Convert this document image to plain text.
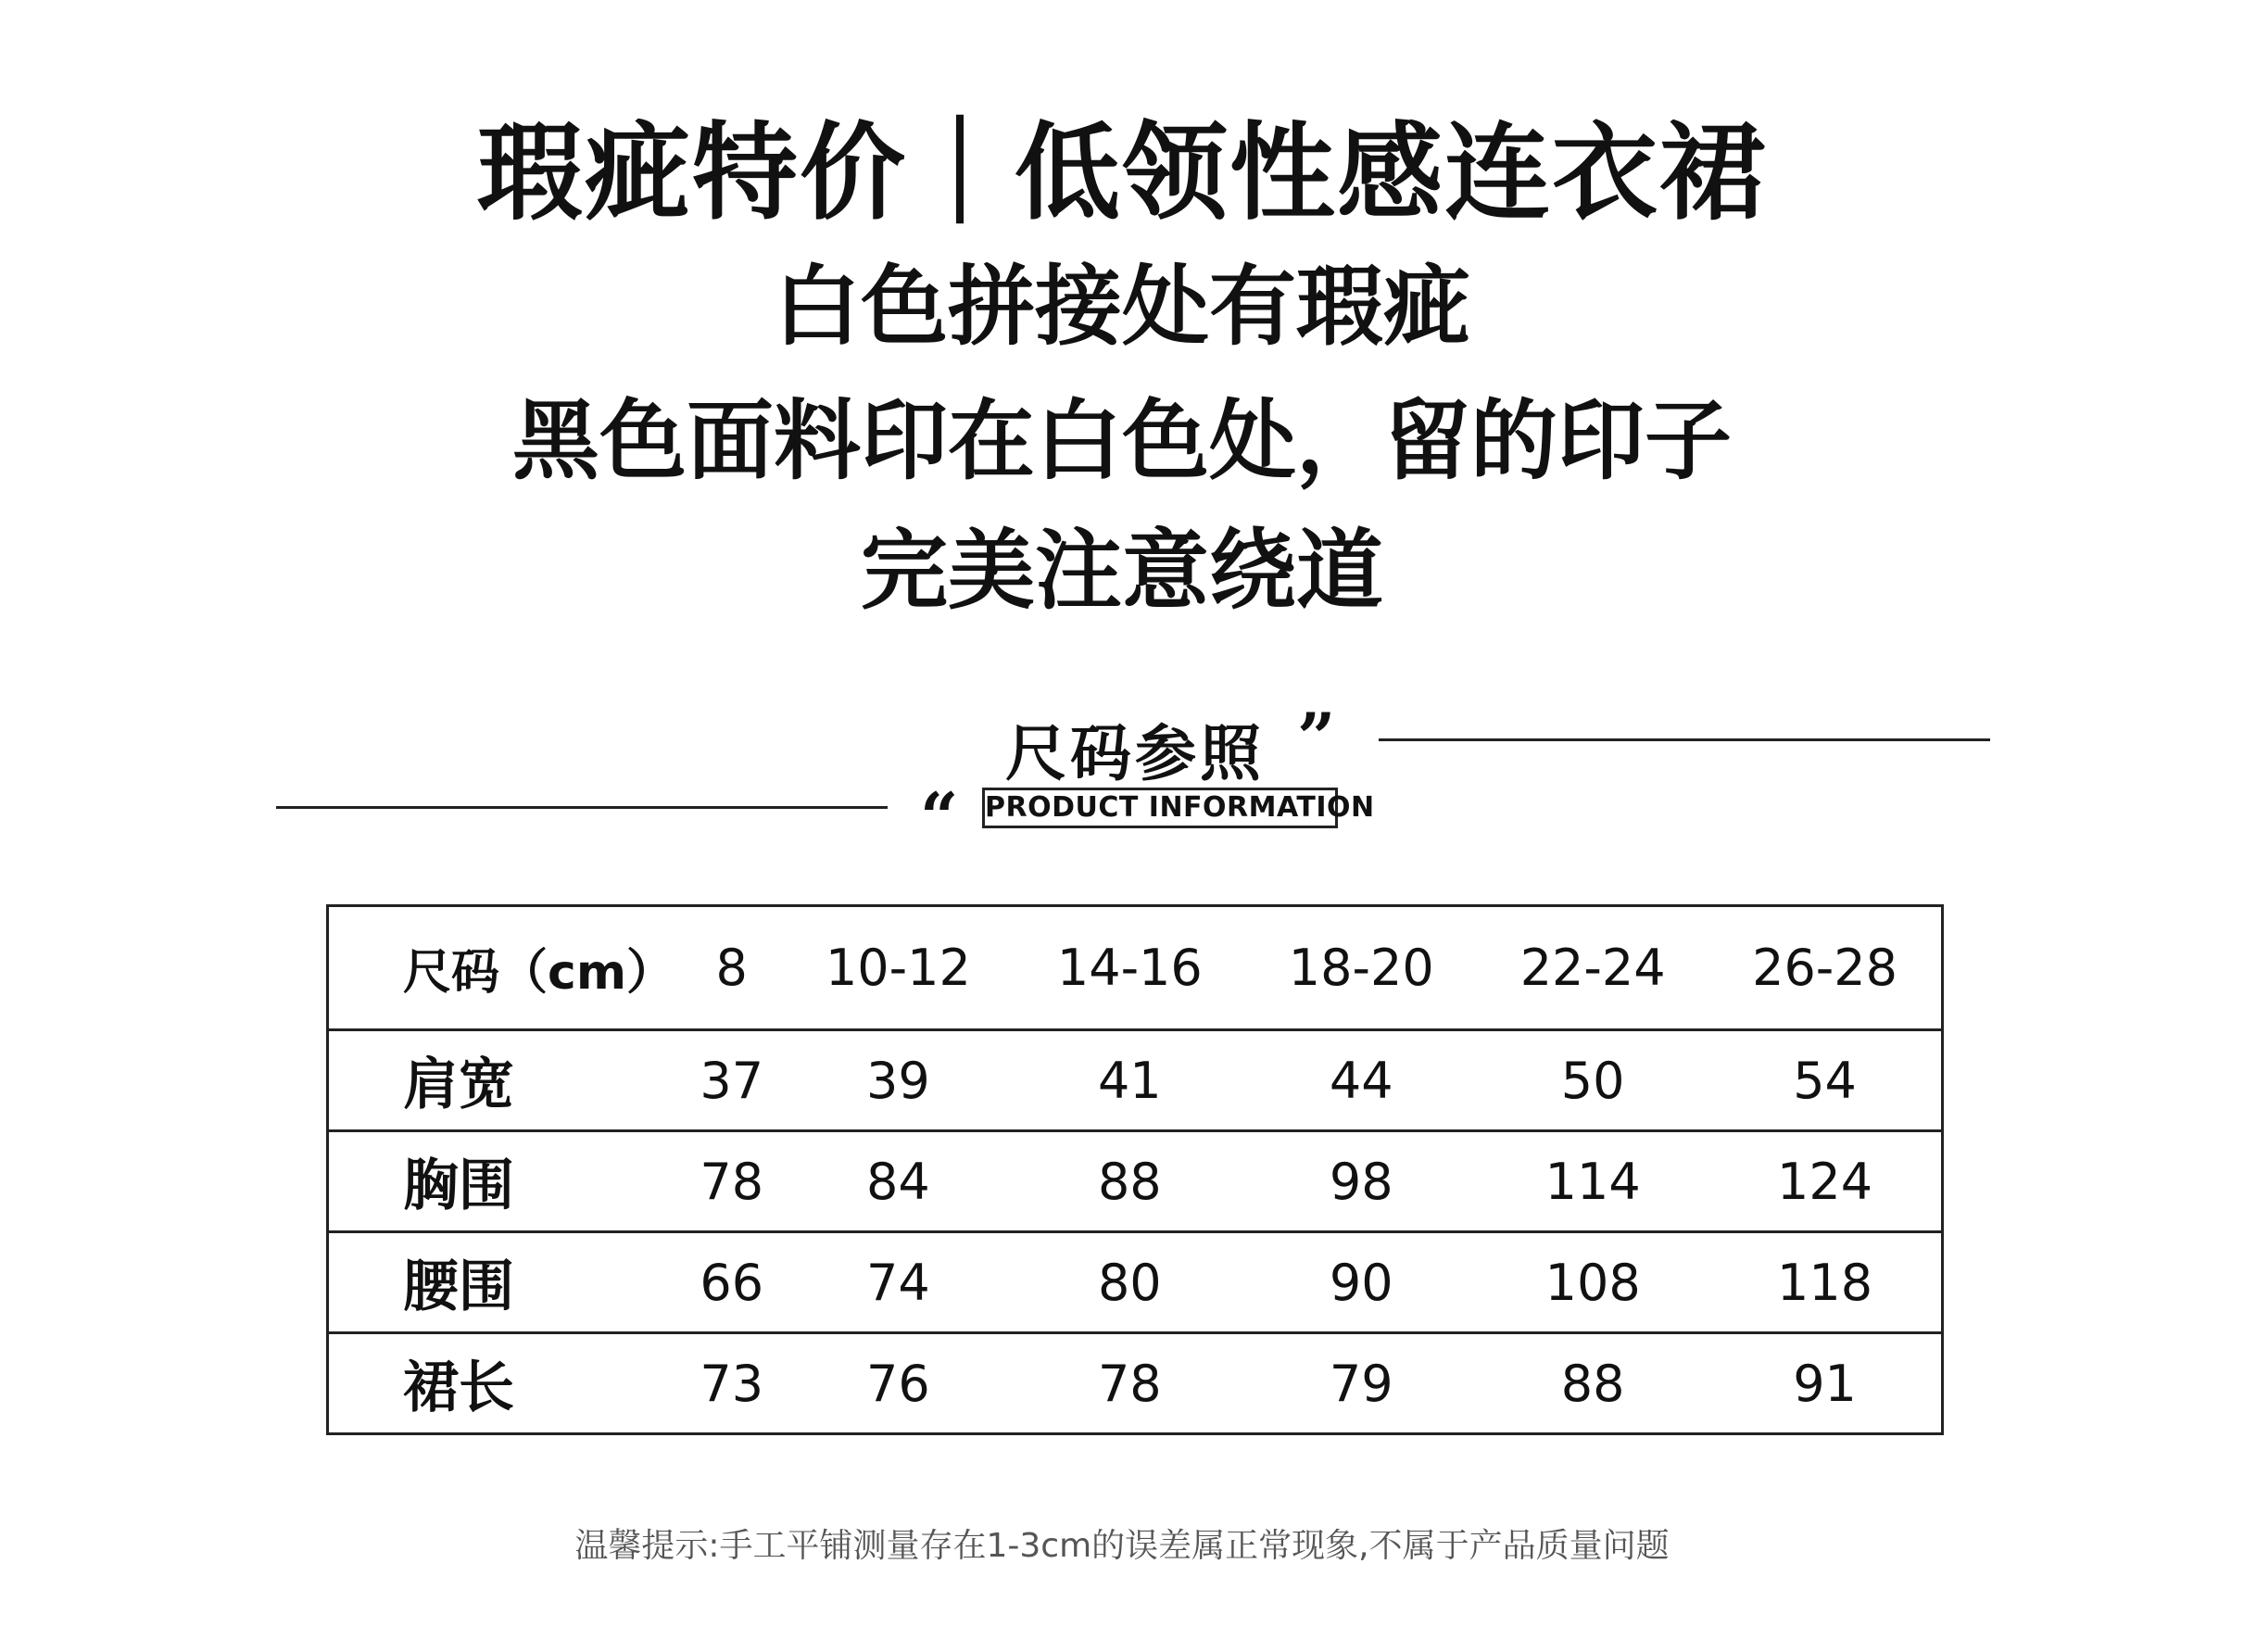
瑕疵特价｜低领性感连衣裙
白色拼接处有瑕疵
黑色面料印在白色处，留的印子
完美注意绕道
尺码参照 ”
“ PRODUCT INFORMATION
尺码（cm）	8	10-12	14-16	18-20	22-24	26-28
肩宽	37	39	41	44	50	54
胸围	78	84	88	98	114	124
腰围	66	74	80	90	108	118
裙长	73	76	78	79	88	91
温馨提示:手工平铺测量存在1-3cm的误差属正常现象,不属于产品质量问题
